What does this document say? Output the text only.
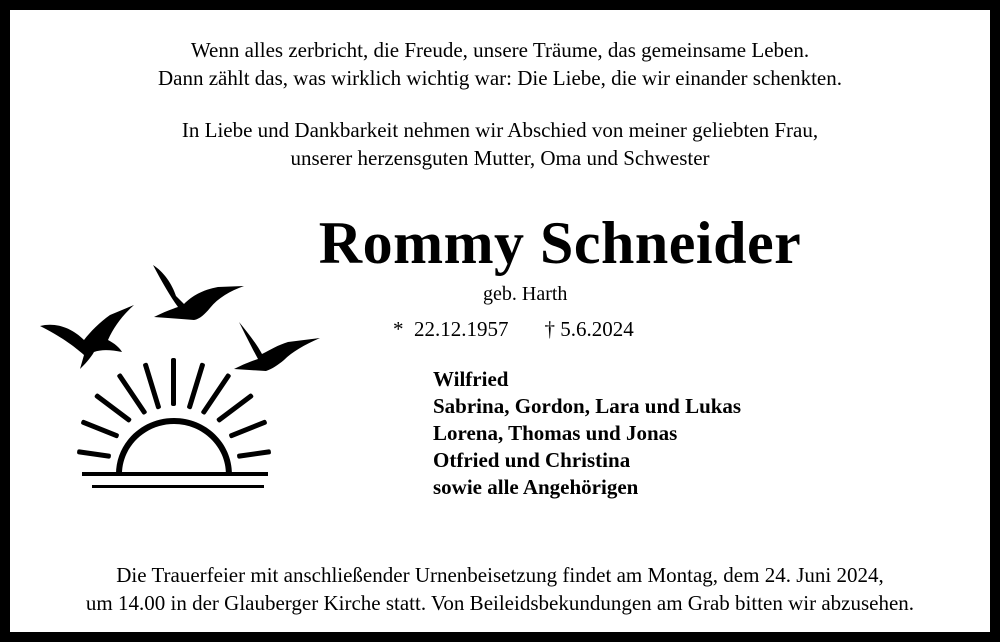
Wenn alles zerbricht, die Freude, unsere Träume, das gemeinsame Leben.
Dann zählt das, was wirklich wichtig war: Die Liebe, die wir einander schenkten.
In Liebe und Dankbarkeit nehmen wir Abschied von meiner geliebten Frau,
unserer herzensguten Mutter, Oma und Schwester
Rommy Schneider
geb. Harth
*  22.12.1957 † 5.6.2024
Wilfried
Sabrina, Gordon, Lara und Lukas
Lorena, Thomas und Jonas
Otfried und Christina
sowie alle Angehörigen
Die Trauerfeier mit anschließender Urnenbeisetzung findet am Montag, dem 24. Juni 2024,
um 14.00 in der Glauberger Kirche statt. Von Beileidsbekundungen am Grab bitten wir abzusehen.
